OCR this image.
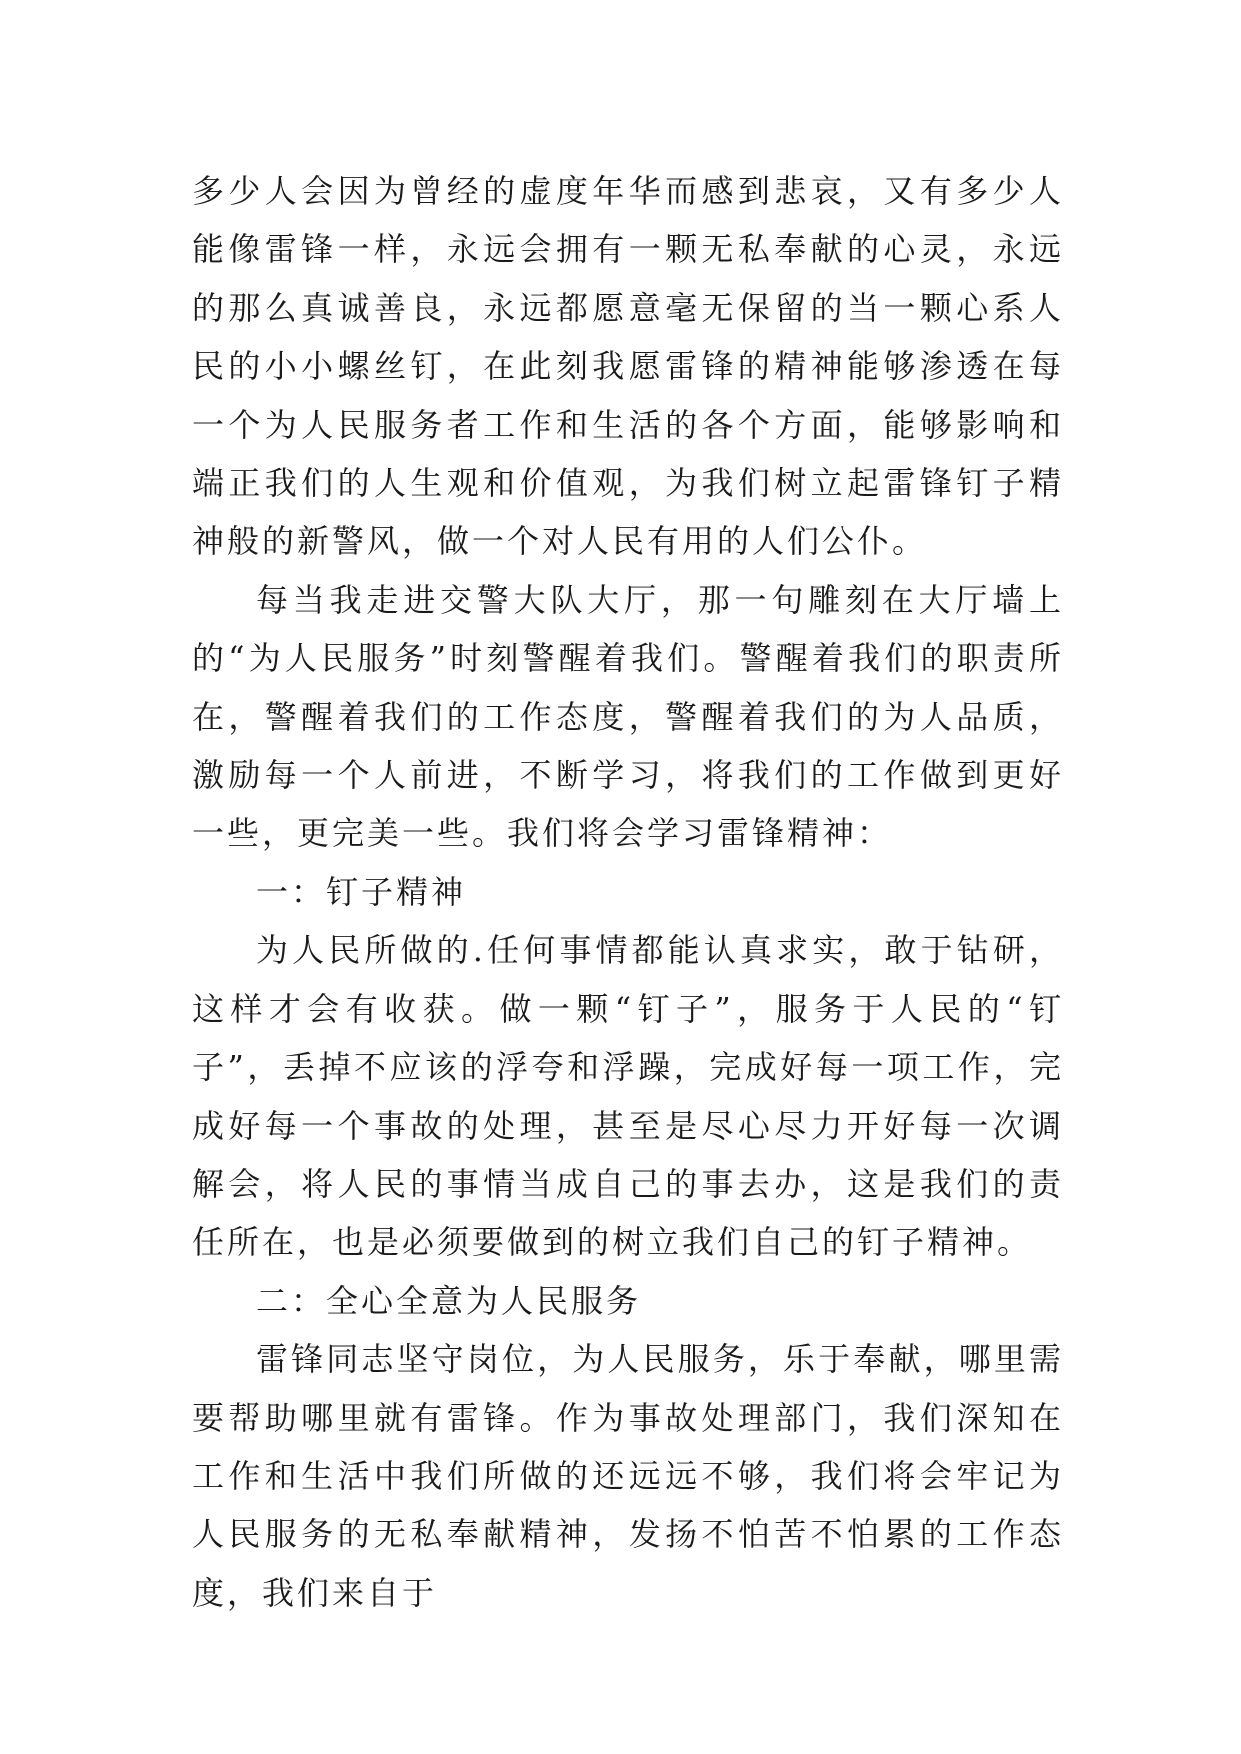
多少人会因为曾经的虚度年华而感到悲哀，又有多少人能像雷锋一样，永远会拥有一颗无私奉献的心灵，永远的那么真诚善良，永远都愿意毫无保留的当一颗心系人民的小小螺丝钉，在此刻我愿雷锋的精神能够渗透在每一个为人民服务者工作和生活的各个方面，能够影响和端正我们的人生观和价值观，为我们树立起雷锋钉子精神般的新警风，做一个对人民有用的人们公仆。

每当我走进交警大队大厅，那一句雕刻在大厅墙上的“为人民服务”时刻警醒着我们。警醒着我们的职责所在，警醒着我们的工作态度，警醒着我们的为人品质，激励每一个人前进，不断学习，将我们的工作做到更好一些，更完美一些。我们将会学习雷锋精神：

一：钉子精神

为人民所做的.任何事情都能认真求实，敢于钻研，这样才会有收获。做一颗“钉子”，服务于人民的“钉子”，丢掉不应该的浮夸和浮躁，完成好每一项工作，完成好每一个事故的处理，甚至是尽心尽力开好每一次调解会，将人民的事情当成自己的事去办，这是我们的责任所在，也是必须要做到的树立我们自己的钉子精神。

二：全心全意为人民服务

雷锋同志坚守岗位，为人民服务，乐于奉献，哪里需要帮助哪里就有雷锋。作为事故处理部门，我们深知在工作和生活中我们所做的还远远不够，我们将会牢记为人民服务的无私奉献精神，发扬不怕苦不怕累的工作态度，我们来自于
